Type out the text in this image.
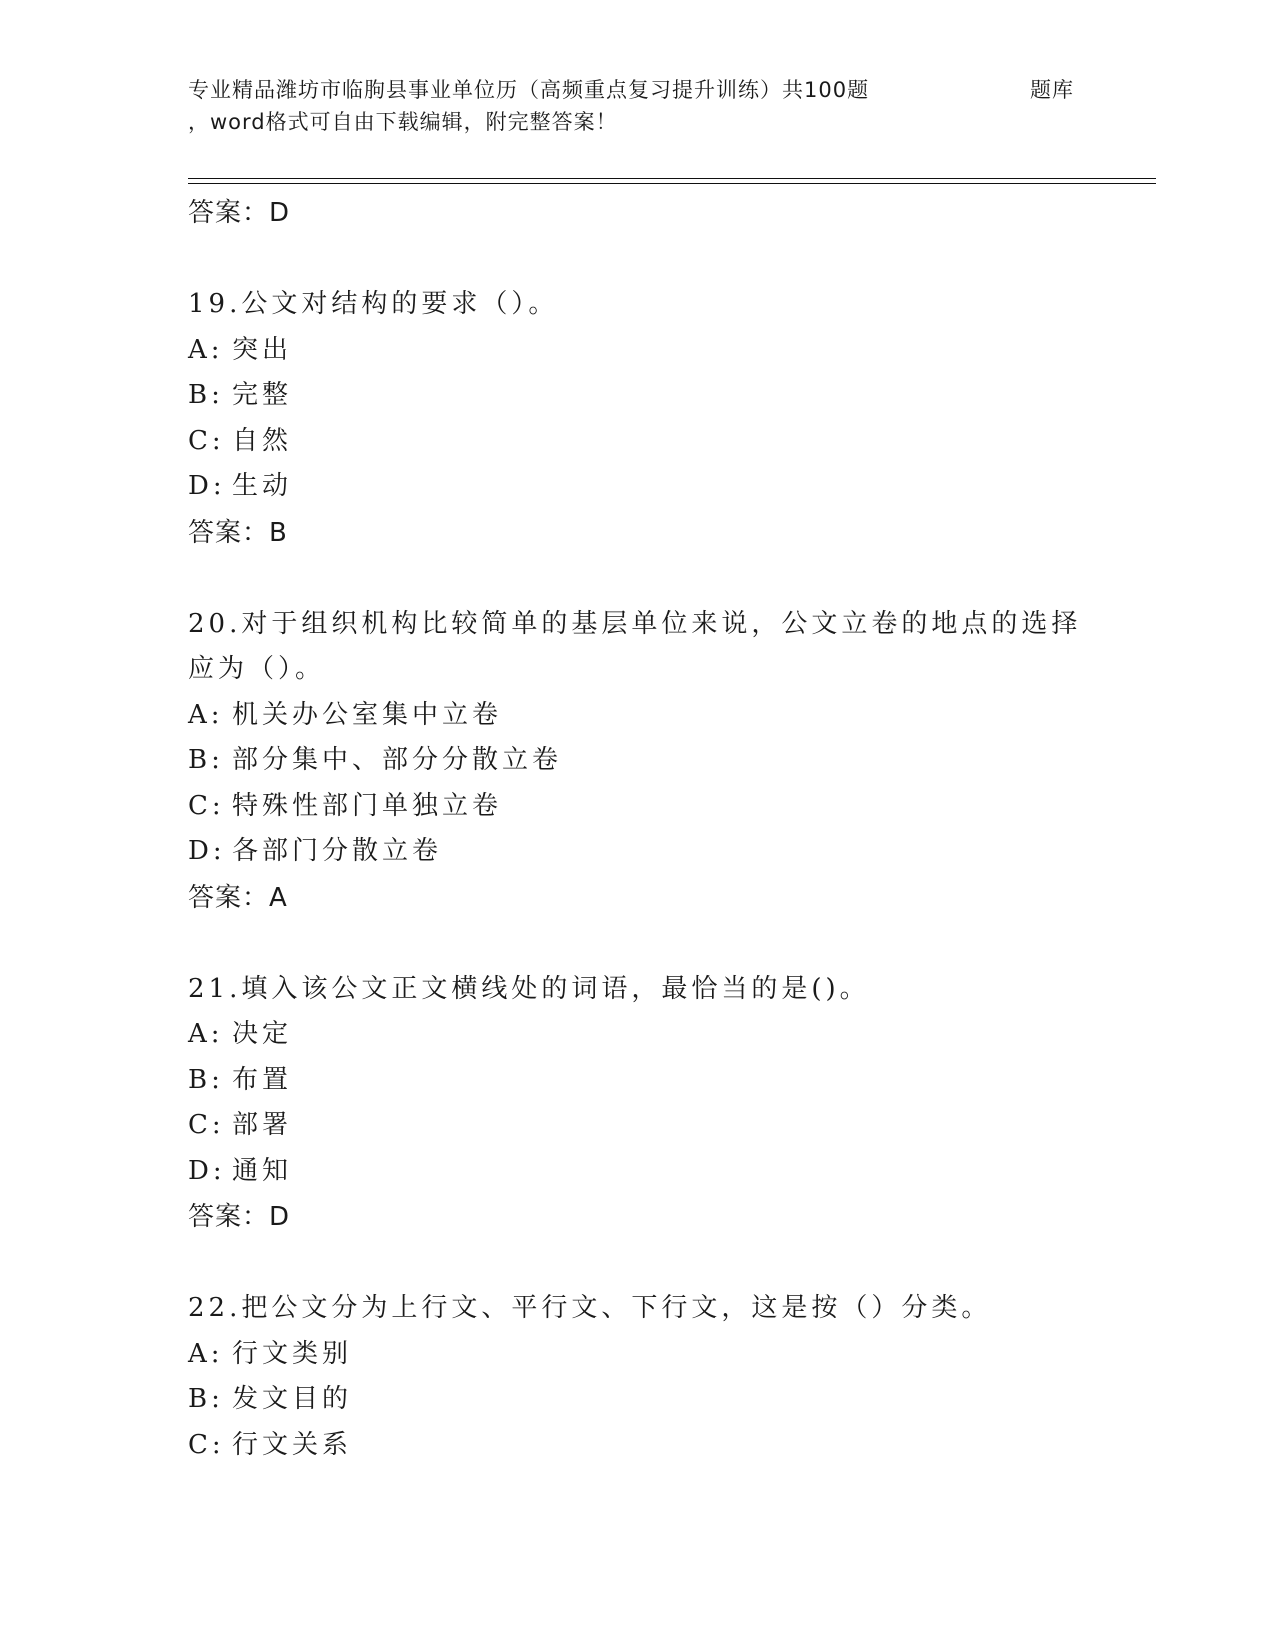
专业精品潍坊市临朐县事业单位历（高频重点复习提升训练）共100题	题库
，word格式可自由下载编辑，附完整答案！
答案：D
19.公文对结构的要求（）。
A: 突出
B: 完整
C: 自然
D: 生动
答案：B
20.对于组织机构比较简单的基层单位来说，公文立卷的地点的选择应为（）。
A: 机关办公室集中立卷
B: 部分集中、部分分散立卷
C: 特殊性部门单独立卷
D: 各部门分散立卷
答案：A
21.填入该公文正文横线处的词语，最恰当的是()。
A: 决定
B: 布置
C: 部署
D: 通知
答案：D
22.把公文分为上行文、平行文、下行文，这是按（）分类。
A: 行文类别
B: 发文目的
C: 行文关系
